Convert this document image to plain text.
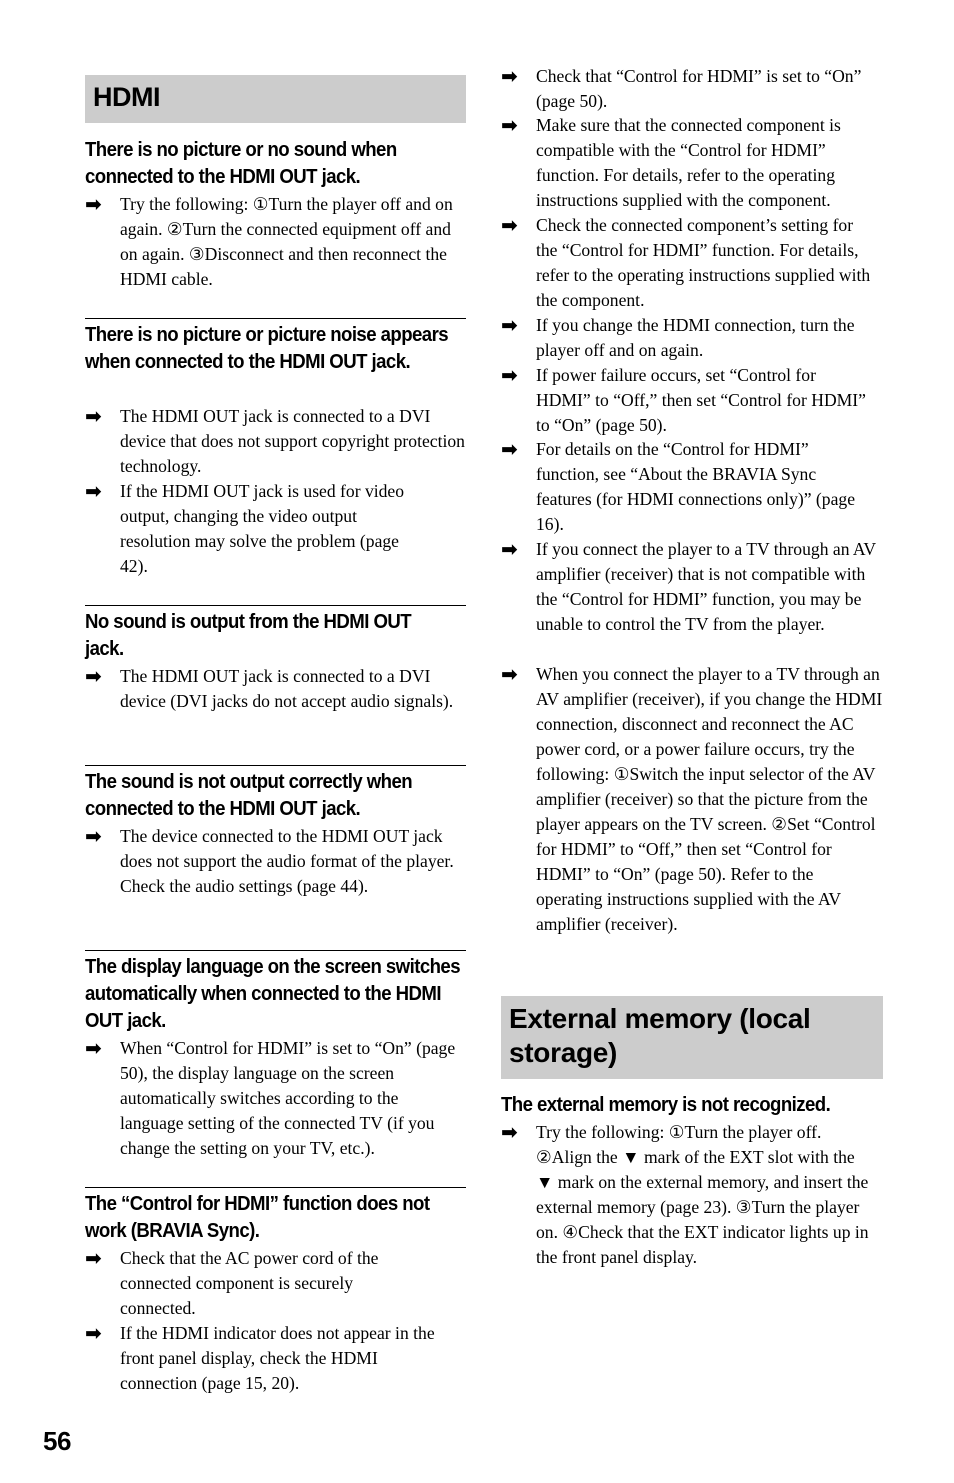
HDMI
There is no picture or no sound when connected to the HDMI OUT jack.
➡ Try the following: ①Turn the player off and on again. ②Turn the connected equipment off and on again. ③Disconnect and then reconnect the HDMI cable.
There is no picture or picture noise appears when connected to the HDMI OUT jack.
➡ The HDMI OUT jack is connected to a DVI device that does not support copyright protection technology.
➡ If the HDMI OUT jack is used for video output, changing the video output resolution may solve the problem (page 42).
No sound is output from the HDMI OUT jack.
➡ The HDMI OUT jack is connected to a DVI device (DVI jacks do not accept audio signals).
The sound is not output correctly when connected to the HDMI OUT jack.
➡ The device connected to the HDMI OUT jack does not support the audio format of the player. Check the audio settings (page 44).
The display language on the screen switches automatically when connected to the HDMI OUT jack.
➡ When “Control for HDMI” is set to “On” (page 50), the display language on the screen automatically switches according to the language setting of the connected TV (if you change the setting on your TV, etc.).
The “Control for HDMI” function does not work (BRAVIA Sync).
➡ Check that the AC power cord of the connected component is securely connected.
➡ If the HDMI indicator does not appear in the front panel display, check the HDMI connection (page 15, 20).
➡ Check that “Control for HDMI” is set to “On” (page 50).
➡ Make sure that the connected component is compatible with the “Control for HDMI” function. For details, refer to the operating instructions supplied with the component.
➡ Check the connected component’s setting for the “Control for HDMI” function. For details, refer to the operating instructions supplied with the component.
➡ If you change the HDMI connection, turn the player off and on again.
➡ If power failure occurs, set “Control for HDMI” to “Off,” then set “Control for HDMI” to “On” (page 50).
➡ For details on the “Control for HDMI” function, see “About the BRAVIA Sync features (for HDMI connections only)” (page 16).
➡ If you connect the player to a TV through an AV amplifier (receiver) that is not compatible with the “Control for HDMI” function, you may be unable to control the TV from the player.
➡ When you connect the player to a TV through an AV amplifier (receiver), if you change the HDMI connection, disconnect and reconnect the AC power cord, or a power failure occurs, try the following: ①Switch the input selector of the AV amplifier (receiver) so that the picture from the player appears on the TV screen. ②Set “Control for HDMI” to “Off,” then set “Control for HDMI” to “On” (page 50). Refer to the operating instructions supplied with the AV amplifier (receiver).
External memory (local storage)
The external memory is not recognized.
➡ Try the following: ①Turn the player off. ②Align the ▼ mark of the EXT slot with the ▼ mark on the external memory, and insert the external memory (page 23). ③Turn the player on. ④Check that the EXT indicator lights up in the front panel display.
56
